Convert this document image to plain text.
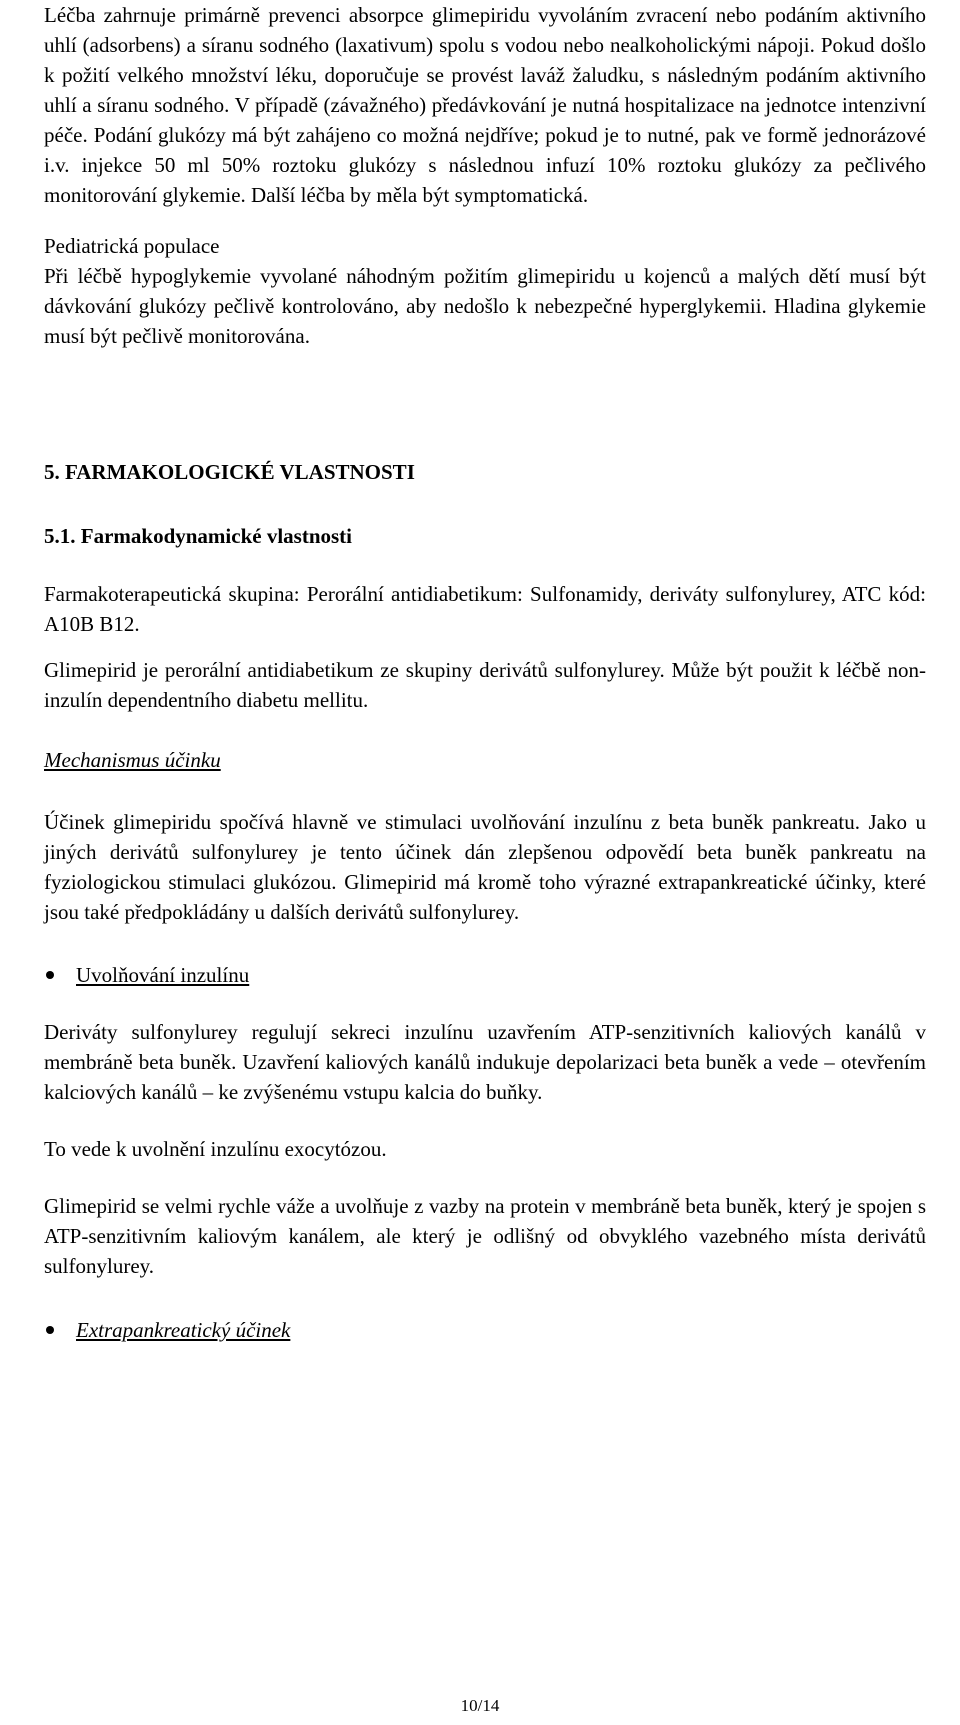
Léčba zahrnuje primárně prevenci absorpce glimepiridu vyvoláním zvracení nebo podáním aktivního uhlí (adsorbens) a síranu sodného (laxativum) spolu s vodou nebo nealkoholickými nápoji. Pokud došlo k požití velkého množství léku, doporučuje se provést laváž žaludku, s následným podáním aktivního uhlí a síranu sodného. V případě (závažného) předávkování je nutná hospitalizace na jednotce intenzivní péče. Podání glukózy má být zahájeno co možná nejdříve; pokud je to nutné, pak ve formě jednorázové i.v. injekce 50 ml 50% roztoku glukózy s následnou infuzí 10% roztoku glukózy za pečlivého monitorování glykemie. Další léčba by měla být symptomatická.

Pediatrická populace

Při léčbě hypoglykemie vyvolané náhodným požitím glimepiridu u kojenců a malých dětí musí být dávkování glukózy pečlivě kontrolováno, aby nedošlo k nebezpečné hyperglykemii. Hladina glykemie musí být pečlivě monitorována.

5. FARMAKOLOGICKÉ VLASTNOSTI
5.1. Farmakodynamické vlastnosti

Farmakoterapeutická skupina: Perorální antidiabetikum: Sulfonamidy, deriváty sulfonylurey, ATC kód: A10B B12.

Glimepirid je perorální antidiabetikum ze skupiny derivátů sulfonylurey. Může být použit k léčbě non-inzulín dependentního diabetu mellitu.

Mechanismus účinku

Účinek glimepiridu spočívá hlavně ve stimulaci uvolňování inzulínu z beta buněk pankreatu. Jako u jiných derivátů sulfonylurey je tento účinek dán zlepšenou odpovědí beta buněk pankreatu na fyziologickou stimulaci glukózou. Glimepirid má kromě toho výrazné extrapankreatické účinky, které jsou také předpokládány u dalších derivátů sulfonylurey.

Uvolňování inzulínu

Deriváty sulfonylurey regulují sekreci inzulínu uzavřením ATP-senzitivních kaliových kanálů v membráně beta buněk. Uzavření kaliových kanálů indukuje depolarizaci beta buněk a vede – otevřením kalciových kanálů – ke zvýšenému vstupu kalcia do buňky.

To vede k uvolnění inzulínu exocytózou.

Glimepirid se velmi rychle váže a uvolňuje z vazby na protein v membráně beta buněk, který je spojen s ATP-senzitivním kaliovým kanálem, ale který je odlišný od obvyklého vazebného místa derivátů sulfonylurey.

Extrapankreatický účinek
10/14
